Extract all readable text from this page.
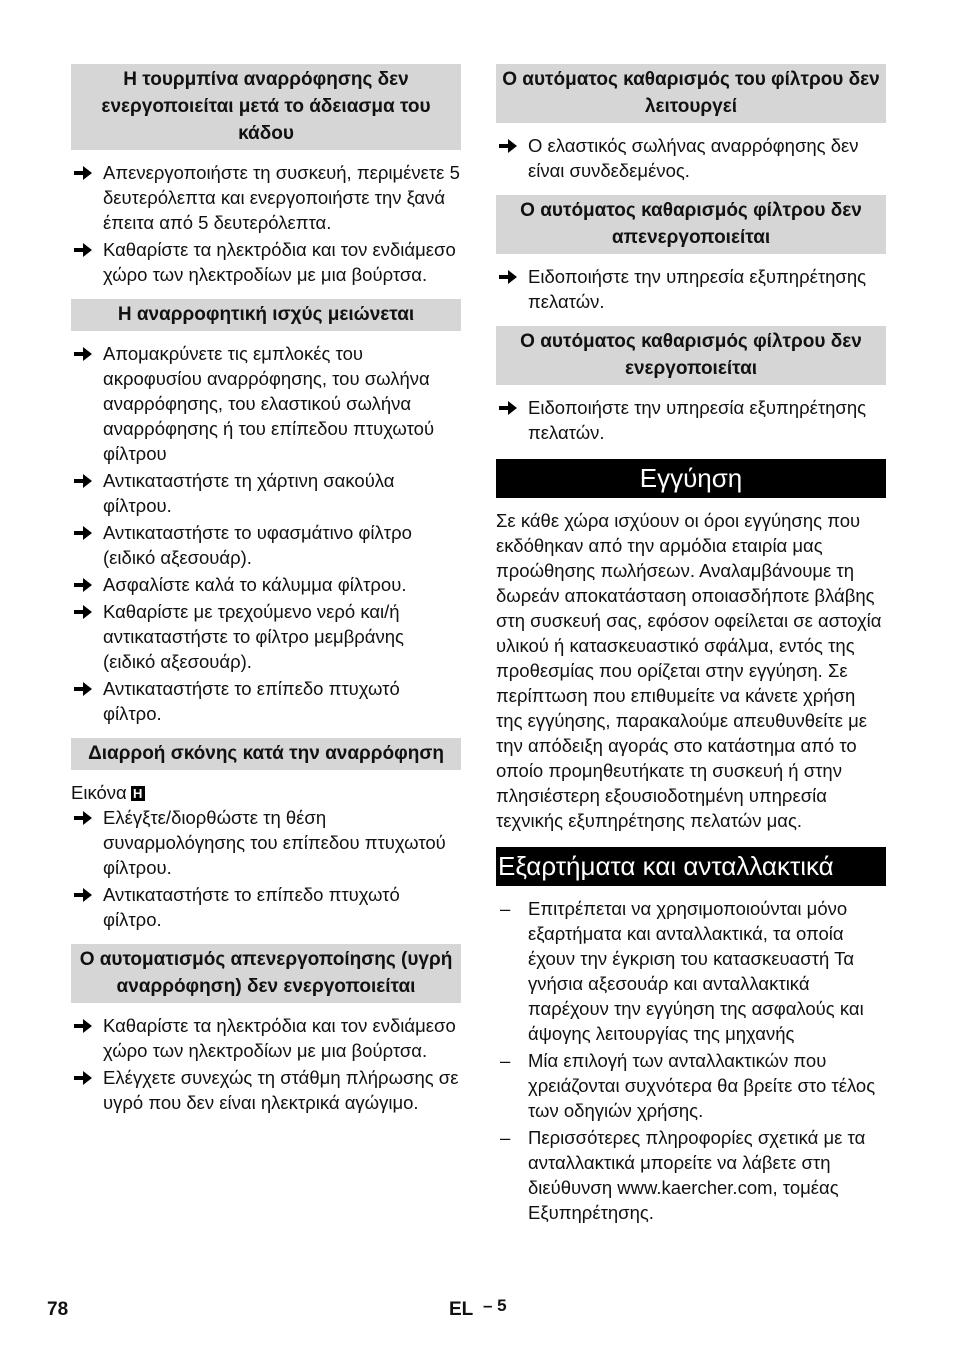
Η τουρμπίνα αναρρόφησης δεν ενεργοποιείται μετά το άδειασμα του κάδου
Απενεργοποιήστε τη συσκευή, περιμένετε 5 δευτερόλεπτα και ενεργοποιήστε την ξανά έπειτα από 5 δευτερόλεπτα.
Καθαρίστε τα ηλεκτρόδια και τον ενδιάμεσο χώρο των ηλεκτροδίων με μια βούρτσα.
Η αναρροφητική ισχύς μειώνεται
Απομακρύνετε τις εμπλοκές του ακροφυσίου αναρρόφησης, του σωλήνα αναρρόφησης, του ελαστικού σωλήνα αναρρόφησης ή του επίπεδου πτυχωτού φίλτρου
Αντικαταστήστε τη χάρτινη σακούλα φίλτρου.
Αντικαταστήστε το υφασμάτινο φίλτρο (ειδικό αξεσουάρ).
Ασφαλίστε καλά το κάλυμμα φίλτρου.
Καθαρίστε με τρεχούμενο νερό και/ή αντικαταστήστε το φίλτρο μεμβράνης (ειδικό αξεσουάρ).
Αντικαταστήστε το επίπεδο πτυχωτό φίλτρο.
Διαρροή σκόνης κατά την αναρρόφηση
Εικόνα H
Ελέγξτε/διορθώστε τη θέση συναρμολόγησης του επίπεδου πτυχωτού φίλτρου.
Αντικαταστήστε το επίπεδο πτυχωτό φίλτρο.
Ο αυτοματισμός απενεργοποίησης (υγρή αναρρόφηση) δεν ενεργοποιείται
Καθαρίστε τα ηλεκτρόδια και τον ενδιάμεσο χώρο των ηλεκτροδίων με μια βούρτσα.
Ελέγχετε συνεχώς τη στάθμη πλήρωσης σε υγρό που δεν είναι ηλεκτρικά αγώγιμο.
Ο αυτόματος καθαρισμός του φίλτρου δεν λειτουργεί
Ο ελαστικός σωλήνας αναρρόφησης δεν είναι συνδεδεμένος.
Ο αυτόματος καθαρισμός φίλτρου δεν απενεργοποιείται
Ειδοποιήστε την υπηρεσία εξυπηρέτησης πελατών.
Ο αυτόματος καθαρισμός φίλτρου δεν ενεργοποιείται
Ειδοποιήστε την υπηρεσία εξυπηρέτησης πελατών.
Εγγύηση

Σε κάθε χώρα ισχύουν οι όροι εγγύησης που εκδόθηκαν από την αρμόδια εταιρία μας προώθησης πωλήσεων. Αναλαμβάνουμε τη δωρεάν αποκατάσταση οποιασδήποτε βλάβης στη συσκευή σας, εφόσον οφείλεται σε αστοχία υλικού ή κατασκευαστικό σφάλμα, εντός της προθεσμίας που ορίζεται στην εγγύηση. Σε περίπτωση που επιθυμείτε να κάνετε χρήση της εγγύησης, παρακαλούμε απευθυνθείτε με την απόδειξη αγοράς στο κατάστημα από το οποίο προμηθευτήκατε τη συσκευή ή στην πλησιέστερη εξουσιοδοτημένη υπηρεσία τεχνικής εξυπηρέτησης πελατών μας.

Εξαρτήματα και ανταλλακτικά
– Επιτρέπεται να χρησιμοποιούνται μόνο εξαρτήματα και ανταλλακτικά, τα οποία έχουν την έγκριση του κατασκευαστή Τα γνήσια αξεσουάρ και ανταλλακτικά παρέχουν την εγγύηση της ασφαλούς και άψογης λειτουργίας της μηχανής
– Μία επιλογή των ανταλλακτικών που χρειάζονται συχνότερα θα βρείτε στο τέλος των οδηγιών χρήσης.
– Περισσότερες πληροφορίες σχετικά με τα ανταλλακτικά μπορείτε να λάβετε στη διεύθυνση www.kaercher.com, τομέας Εξυπηρέτησης.
78	EL – 5
